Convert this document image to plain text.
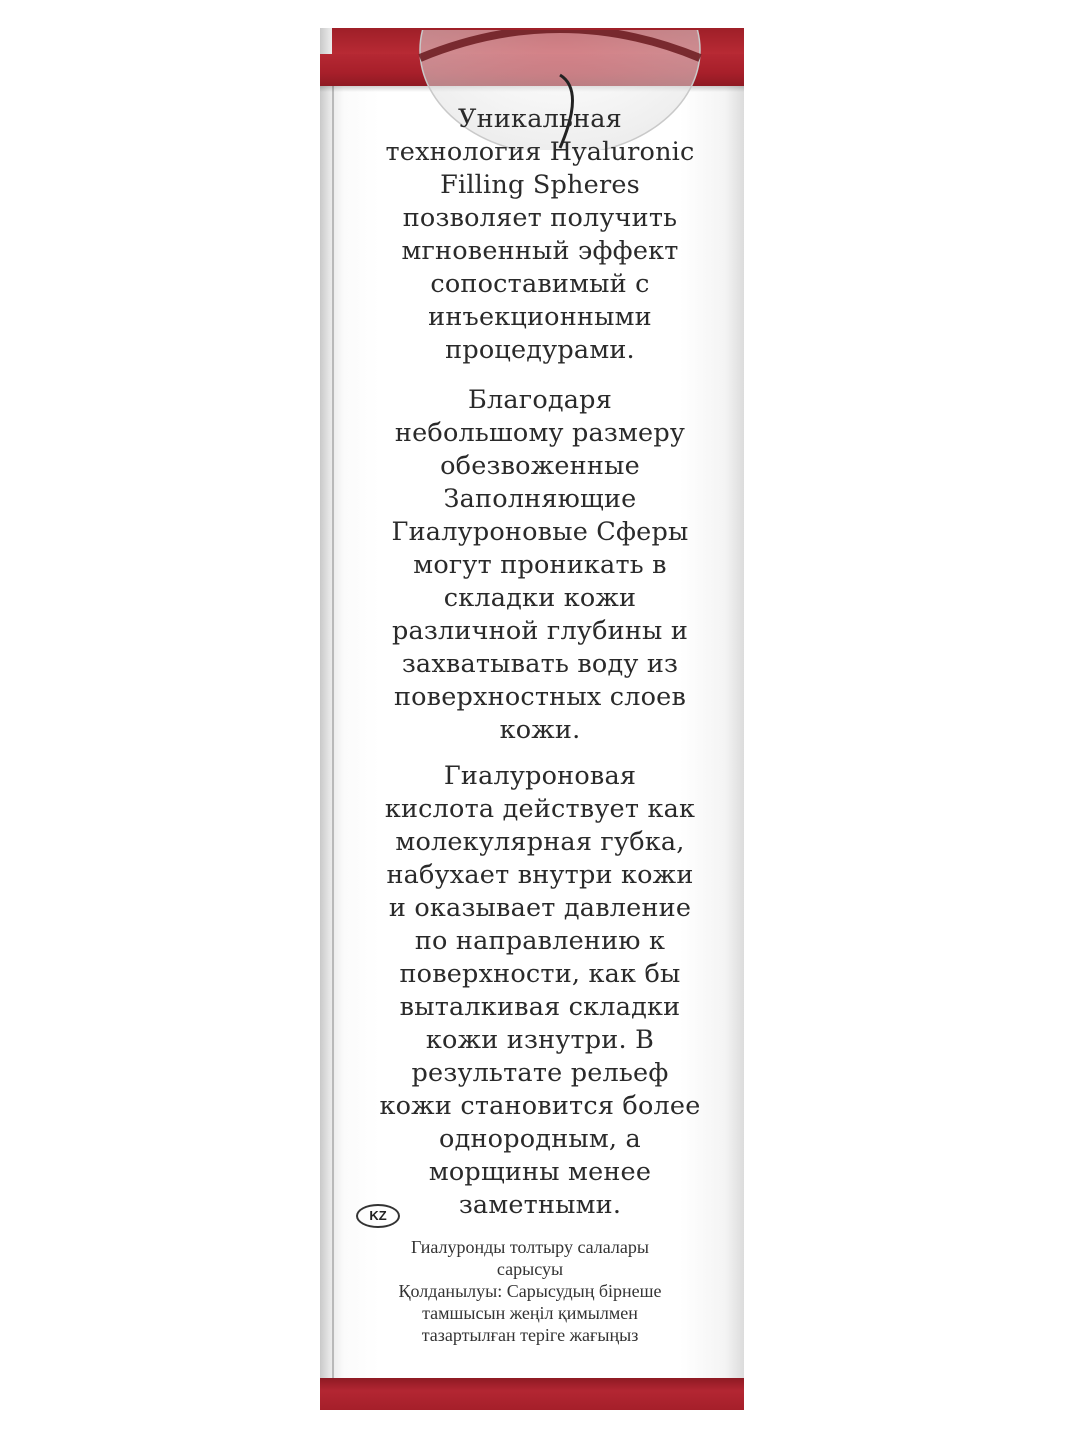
Уникальная
технология Hyaluronic
Filling Spheres
позволяет получить
мгновенный эффект
сопоставимый с
инъекционными
процедурами.

Благодаря
небольшому размеру
обезвоженные
Заполняющие
Гиалуроновые Сферы
могут проникать в
складки кожи
различной глубины и
захватывать воду из
поверхностных слоев
кожи.

Гиалуроновая
кислота действует как
молекулярная губка,
набухает внутри кожи
и оказывает давление
по направлению к
поверхности, как бы
выталкивая складки
кожи изнутри. В
результате рельеф
кожи становится более
однородным, а
морщины менее
заметными.

KZ

Гиалуронды толтыру салалары
сарысуы
Қолданылуы: Сарысудың бірнеше
тамшысын жеңіл қимылмен
тазартылған теріге жағыңыз
